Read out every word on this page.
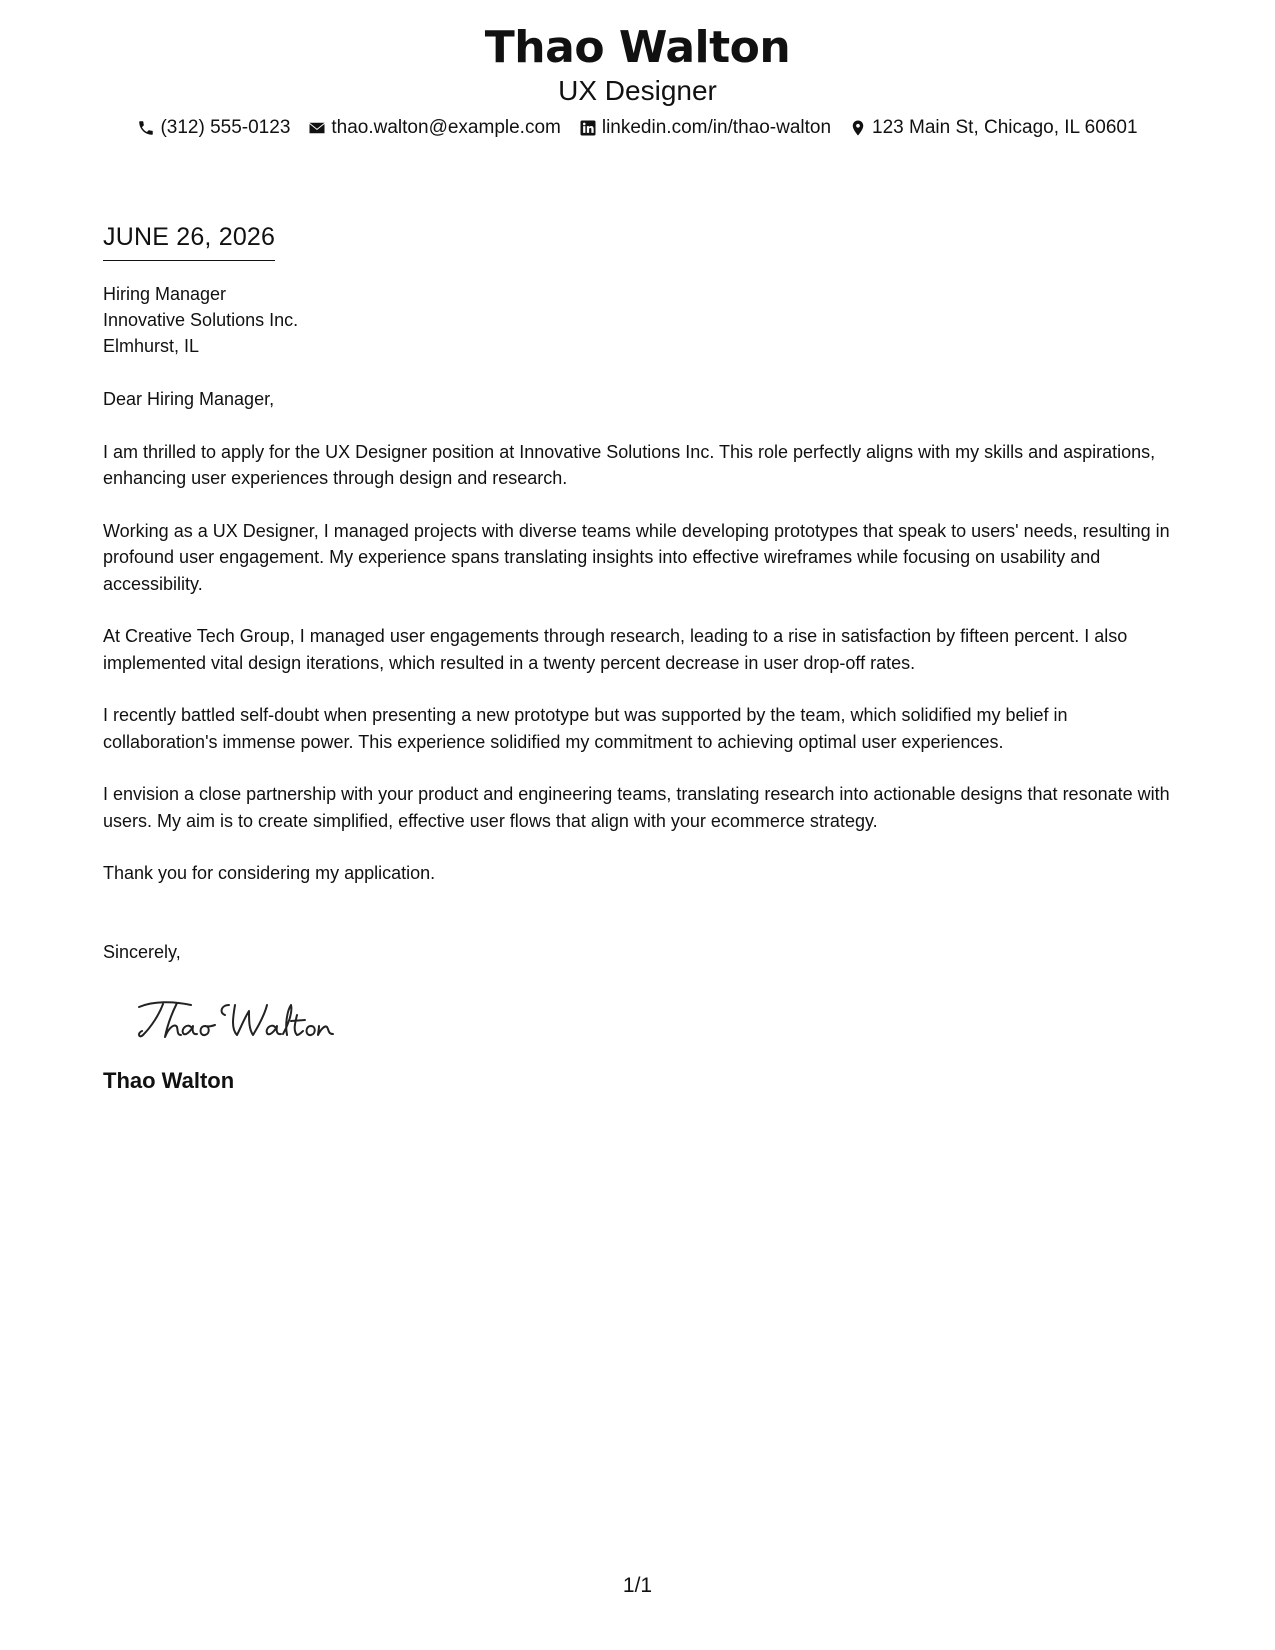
Thao Walton
UX Designer
(312) 555-0123 thao.walton@example.com linkedin.com/in/thao-walton 123 Main St, Chicago, IL 60601
JUNE 26, 2026
Hiring Manager
Innovative Solutions Inc.
Elmhurst, IL
Dear Hiring Manager,

I am thrilled to apply for the UX Designer position at Innovative Solutions Inc. This role perfectly aligns with my skills and aspirations, enhancing user experiences through design and research.

Working as a UX Designer, I managed projects with diverse teams while developing prototypes that speak to users' needs, resulting in profound user engagement. My experience spans translating insights into effective wireframes while focusing on usability and accessibility.

At Creative Tech Group, I managed user engagements through research, leading to a rise in satisfaction by fifteen percent. I also implemented vital design iterations, which resulted in a twenty percent decrease in user drop-off rates.

I recently battled self-doubt when presenting a new prototype but was supported by the team, which solidified my belief in collaboration's immense power. This experience solidified my commitment to achieving optimal user experiences.

I envision a close partnership with your product and engineering teams, translating research into actionable designs that resonate with users. My aim is to create simplified, effective user flows that align with your ecommerce strategy.

Thank you for considering my application.

Sincerely,
Thao Walton
1/1
